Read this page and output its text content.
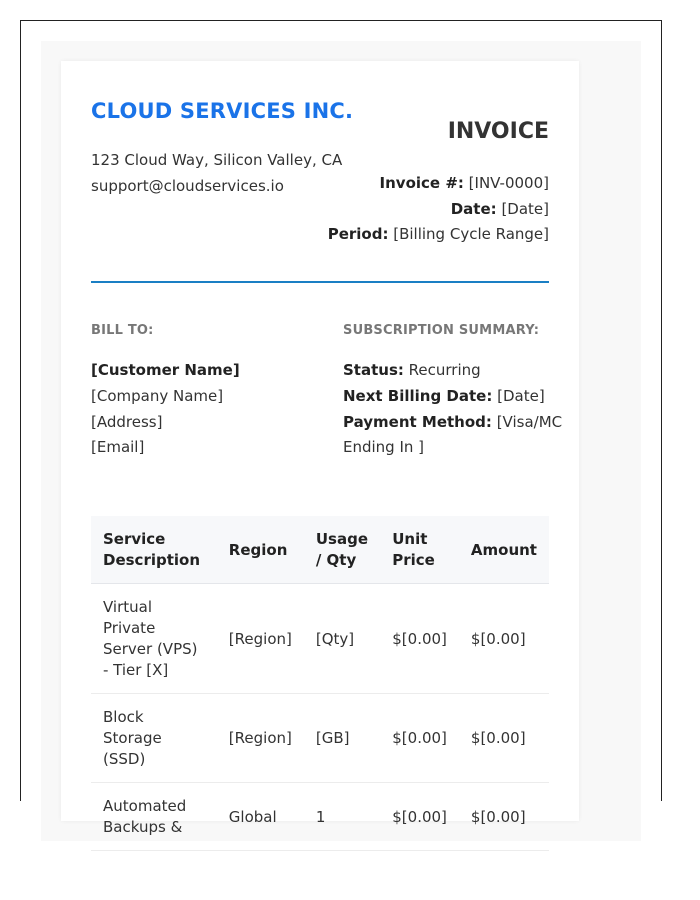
CLOUD SERVICES INC.
123 Cloud Way, Silicon Valley, CA
support@cloudservices.io
INVOICE
Invoice #: [INV-0000]
Date: [Date]
Period: [Billing Cycle Range]
BILL TO:
[Customer Name]
[Company Name]
[Address]
[Email]
SUBSCRIPTION SUMMARY:
Status: Recurring
Next Billing Date: [Date]
Payment Method: [Visa/MC
Ending In ]
Service Description	Region	Usage / Qty	Unit Price	Amount
Virtual Private Server (VPS) - Tier [X]	[Region]	[Qty]	$[0.00]	$[0.00]
Block Storage (SSD)	[Region]	[GB]	$[0.00]	$[0.00]
Automated Backups &	Global	1	$[0.00]	$[0.00]
